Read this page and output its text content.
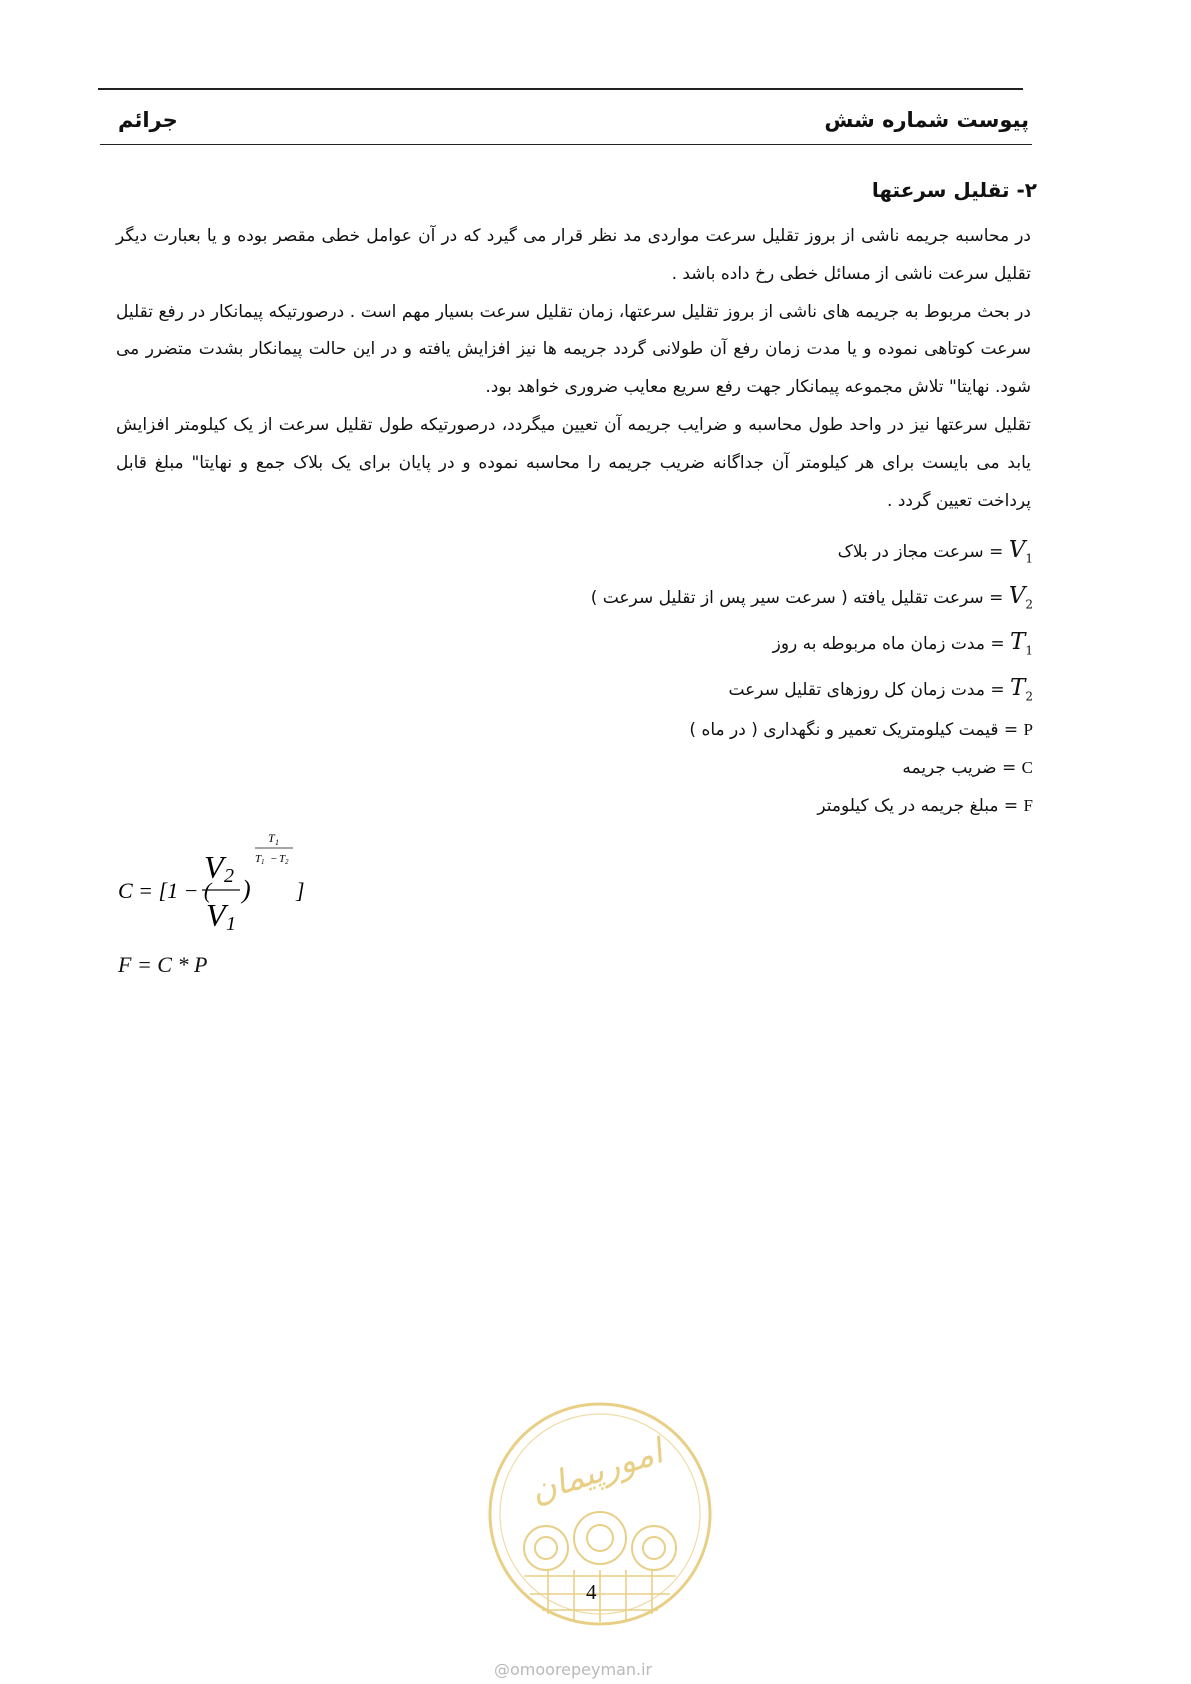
جرائم	پیوست شماره شش
۲- تقلیل سرعتها

در محاسبه جریمه ناشی از بروز تقلیل سرعت مواردی مد نظر قرار می گیرد که در آن عوامل خطی مقصر بوده و یا بعبارت دیگر تقلیل سرعت ناشی از مسائل خطی رخ داده باشد .

در بحث مربوط به جریمه های ناشی از بروز تقلیل سرعتها، زمان تقلیل سرعت بسیار مهم است . درصورتیکه پیمانکار در رفع تقلیل سرعت کوتاهی نموده و یا مدت زمان رفع آن طولانی گردد جریمه ها نیز افزایش یافته و در این حالت پیمانکار بشدت متضرر می شود. نهایتا" تلاش مجموعه پیمانکار جهت رفع سریع معایب ضروری خواهد بود.

تقلیل سرعتها نیز در واحد طول محاسبه و ضرایب جریمه آن تعیین میگردد، درصورتیکه طول تقلیل سرعت از یک کیلومتر افزایش یابد می بایست برای هر کیلومتر آن جداگانه ضریب جریمه را محاسبه نموده و در پایان برای یک بلاک جمع و نهایتا" مبلغ قابل پرداخت تعیین گردد .

$V_1$ = سرعت مجاز در بلاک
$V_2$ = سرعت تقلیل یافته ( سرعت سیر پس از تقلیل سرعت )
$T_1$ = مدت زمان ماه مربوطه به روز
$T_2$ = مدت زمان کل روزهای تقلیل سرعت
P = قیمت کیلومتریک تعمیر و نگهداری ( در ماه )
C = ضریب جریمه
F = مبلغ جریمه در یک کیلومتر
C = [1 − (
V 2
V 1
)
T 1
T 1 − T 2
]
F = C * P
امورپیمان
4
@omoorepeyman.ir
